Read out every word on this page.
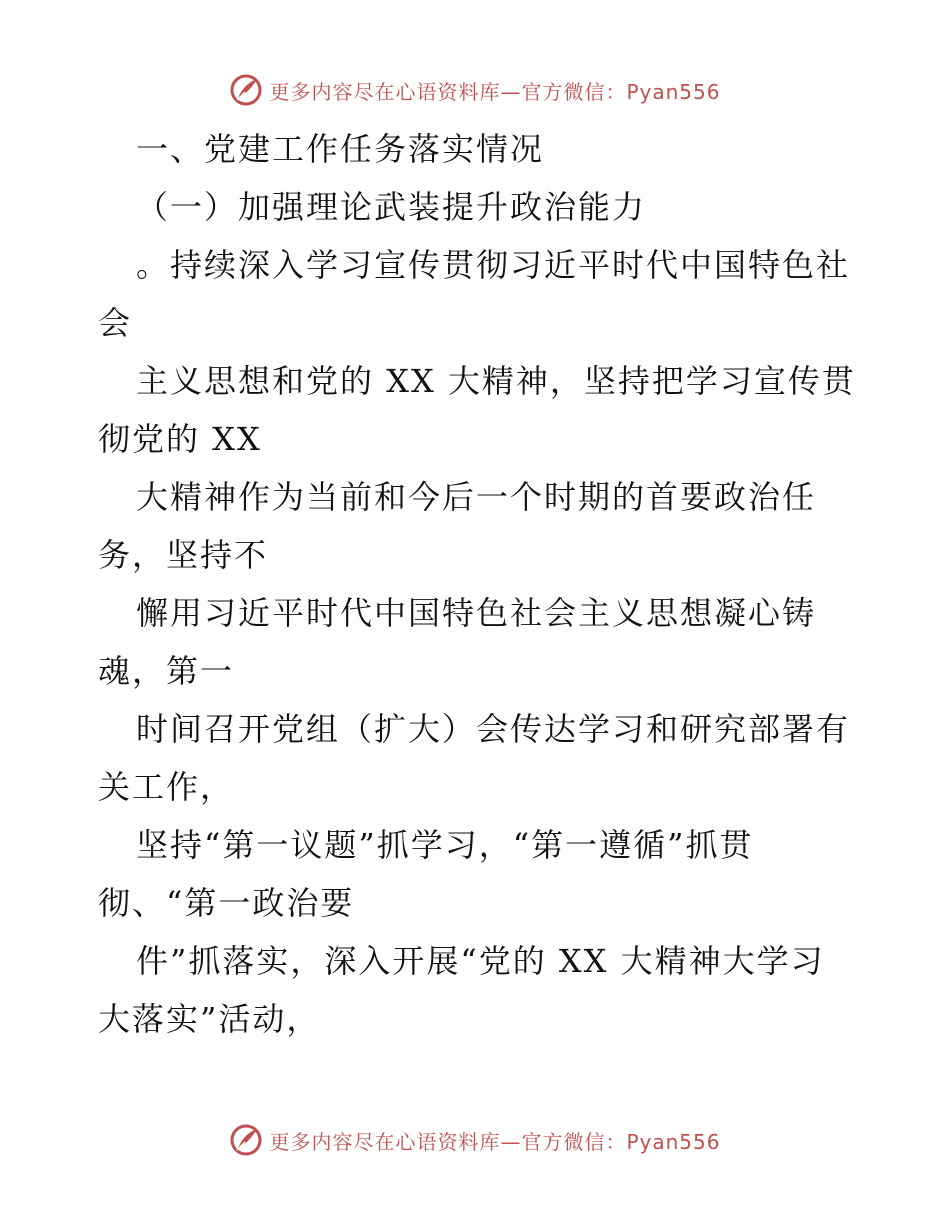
更多内容尽在心语资料库—官方微信：Pyan556
一、党建工作任务落实情况
（一）加强理论武装提升政治能力
。持续深入学习宣传贯彻习近平时代中国特色社
会
主义思想和党的 XX 大精神，坚持把学习宣传贯
彻党的 XX
大精神作为当前和今后一个时期的首要政治任
务，坚持不
懈用习近平时代中国特色社会主义思想凝心铸
魂，第一
时间召开党组（扩大）会传达学习和研究部署有
关工作，
坚持“第一议题”抓学习，“第一遵循”抓贯
彻、“第一政治要
件”抓落实，深入开展“党的 XX 大精神大学习
大落实”活动，
更多内容尽在心语资料库—官方微信：Pyan556
